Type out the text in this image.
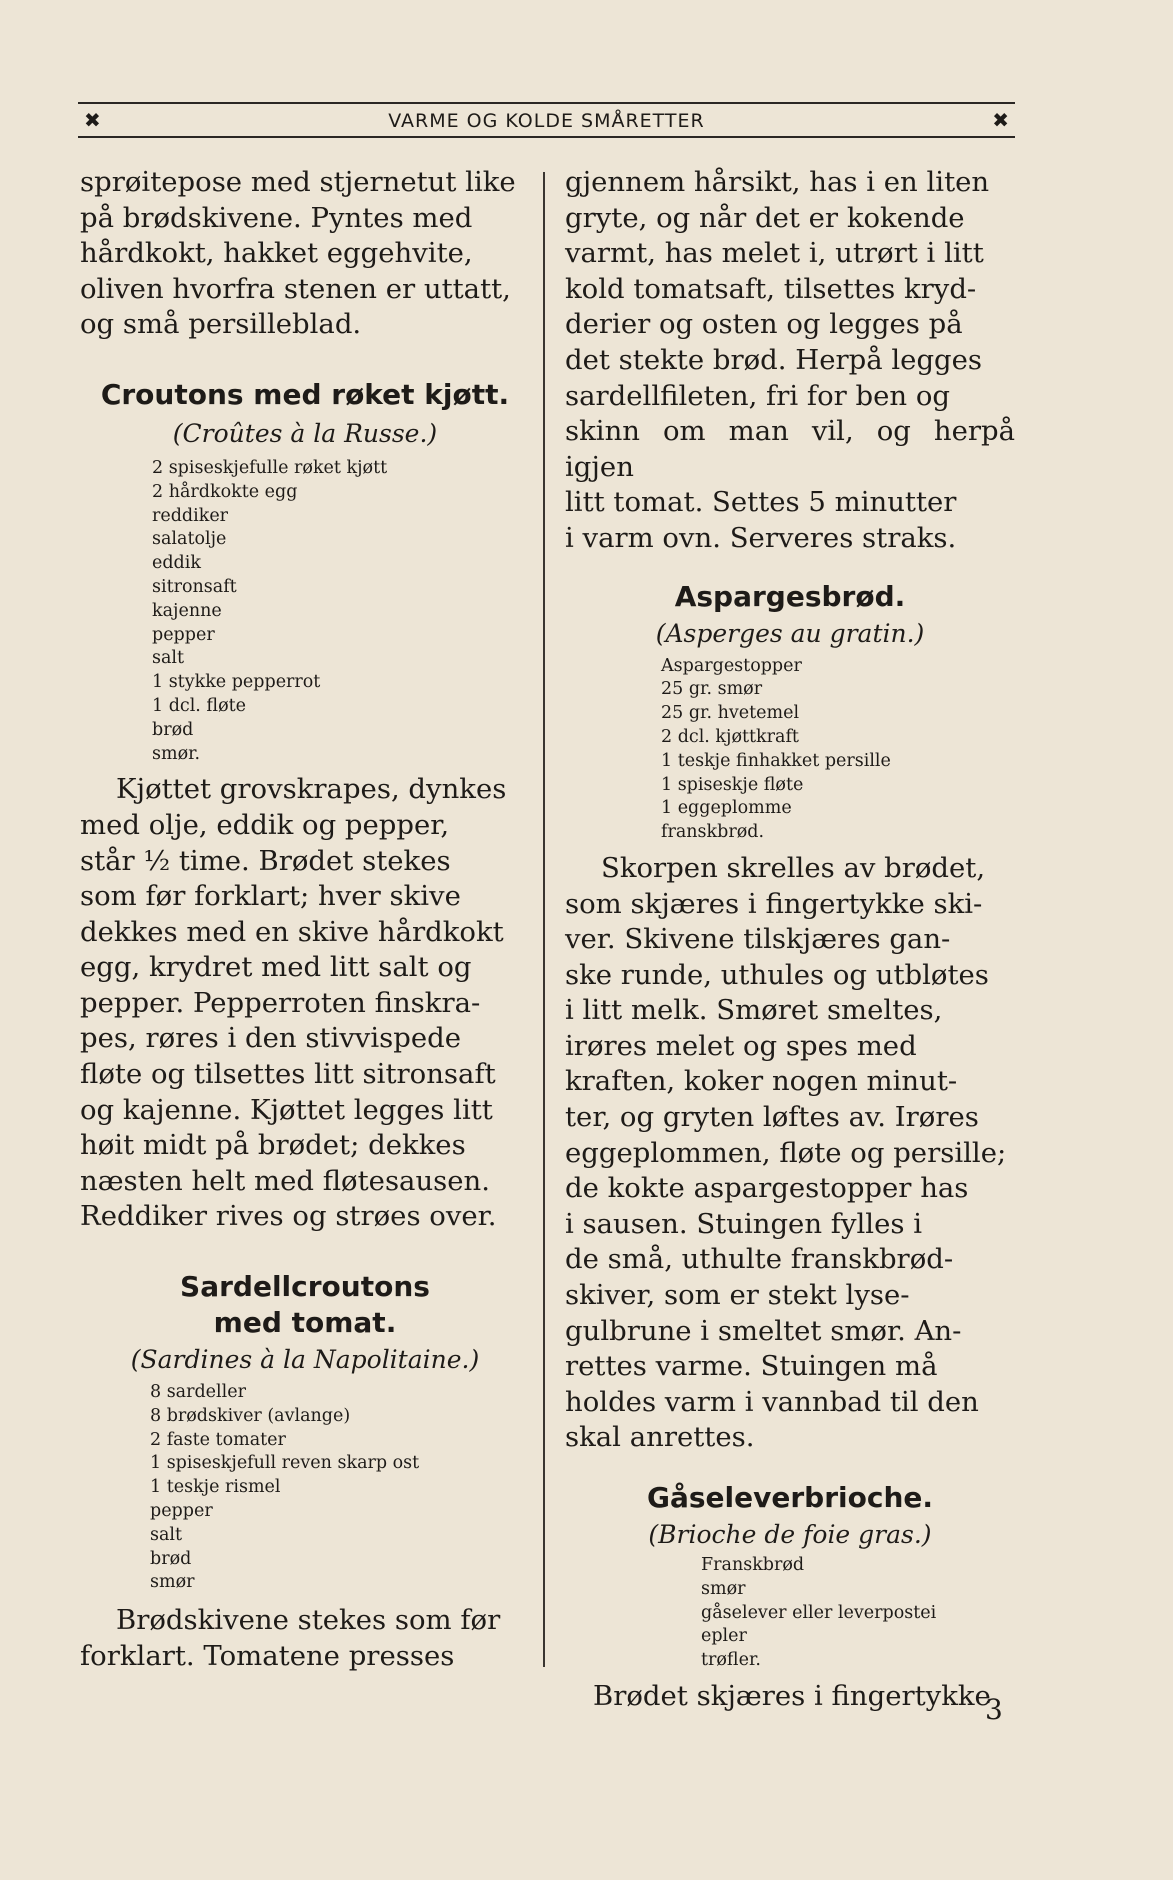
✖	VARME OG KOLDE SMÅRETTER	✖

sprøitepose med stjernetut like

på brødskivene. Pyntes med

hårdkokt, hakket eggehvite,

oliven hvorfra stenen er uttatt,

og små persilleblad.

Croutons med røket kjøtt.

(Croûtes à la Russe.)

2 spiseskjefulle røket kjøtt
2 hårdkokte egg
reddiker
salatolje
eddik
sitronsaft
kajenne
pepper
salt
1 stykke pepperrot
1 dcl. fløte
brød
smør.

Kjøttet grovskrapes, dynkes

med olje, eddik og pepper,

står ½ time. Brødet stekes

som før forklart; hver skive

dekkes med en skive hårdkokt

egg, krydret med litt salt og

pepper. Pepperroten finskra-

pes, røres i den stivvispede

fløte og tilsettes litt sitronsaft

og kajenne. Kjøttet legges litt

høit midt på brødet; dekkes

næsten helt med fløtesausen.

Reddiker rives og strøes over.

Sardellcroutons
med tomat.

(Sardines à la Napolitaine.)

8 sardeller
8 brødskiver (avlange)
2 faste tomater
1 spiseskjefull reven skarp ost
1 teskje rismel
pepper
salt
brød
smør

Brødskivene stekes som før

forklart. Tomatene presses

gjennem hårsikt, has i en liten

gryte, og når det er kokende

varmt, has melet i, utrørt i litt

kold tomatsaft, tilsettes kryd-

derier og osten og legges på

det stekte brød. Herpå legges

sardellfileten, fri for ben og

skinn om man vil, og herpå igjen

litt tomat. Settes 5 minutter

i varm ovn. Serveres straks.

Aspargesbrød.

(Asperges au gratin.)

Aspargestopper
25 gr. smør
25 gr. hvetemel
2 dcl. kjøttkraft
1 teskje finhakket persille
1 spiseskje fløte
1 eggeplomme
franskbrød.

Skorpen skrelles av brødet,

som skjæres i fingertykke ski-

ver. Skivene tilskjæres gan-

ske runde, uthules og utbløtes

i litt melk. Smøret smeltes,

irøres melet og spes med

kraften, koker nogen minut-

ter, og gryten løftes av. Irøres

eggeplommen, fløte og persille;

de kokte aspargestopper has

i sausen. Stuingen fylles i

de små, uthulte franskbrød-

skiver, som er stekt lyse-

gulbrune i smeltet smør. An-

rettes varme. Stuingen må

holdes varm i vannbad til den

skal anrettes.

Gåseleverbrioche.

(Brioche de foie gras.)

Franskbrød
smør
gåselever eller leverpostei
epler
trøfler.

Brødet skjæres i fingertykke

3
